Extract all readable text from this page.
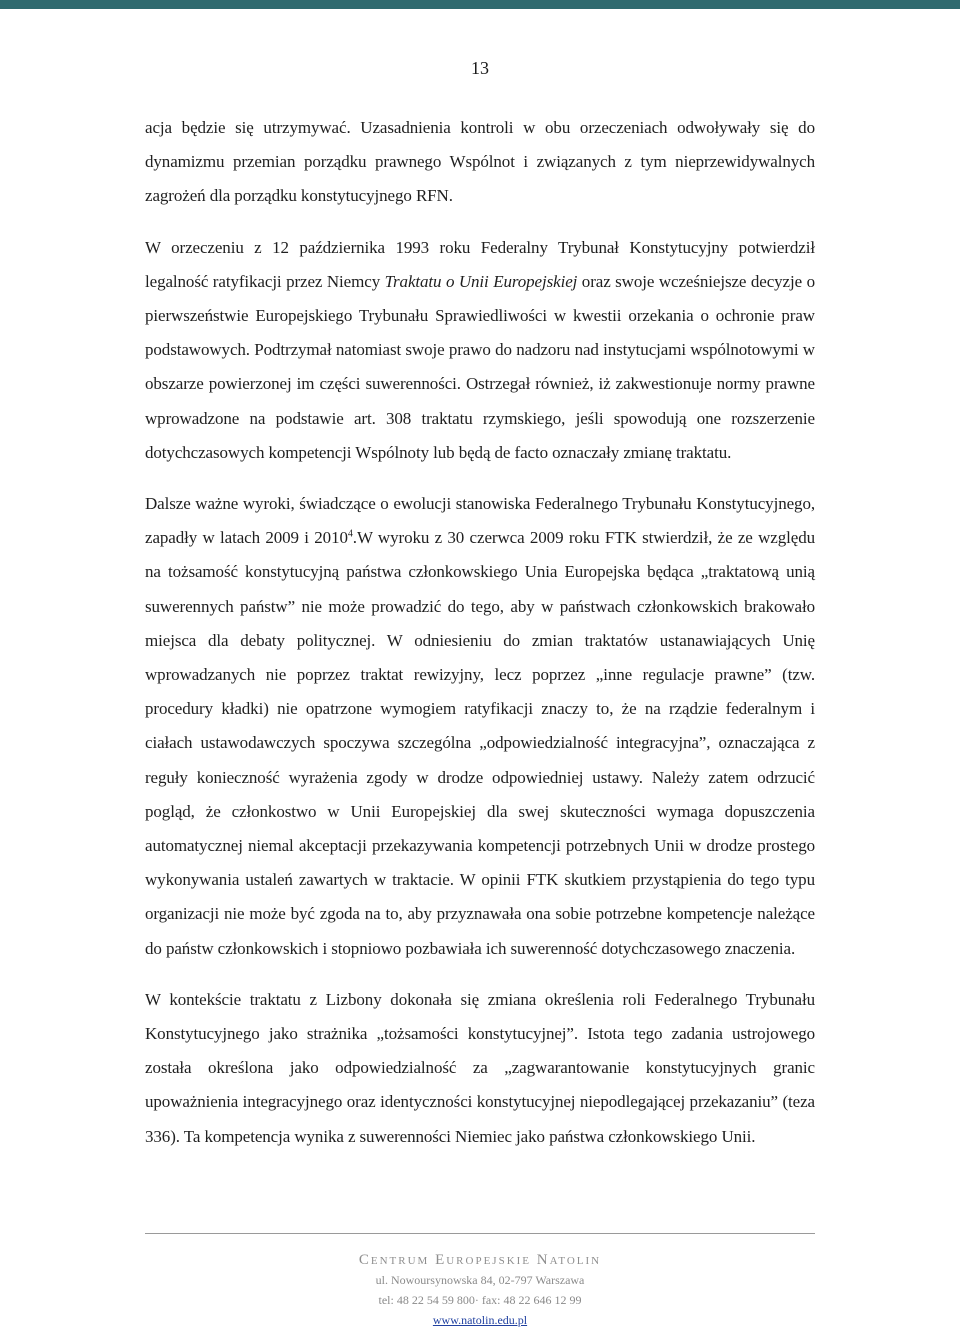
13

acja będzie się utrzymywać. Uzasadnienia kontroli w obu orzeczeniach odwoływały się do dynamizmu przemian porządku prawnego Wspólnot i związanych z tym nieprzewidywalnych zagrożeń dla porządku konstytucyjnego RFN.

W orzeczeniu z 12 października 1993 roku Federalny Trybunał Konstytucyjny potwierdził legalność ratyfikacji przez Niemcy Traktatu o Unii Europejskiej oraz swoje wcześniejsze decyzje o pierwszeństwie Europejskiego Trybunału Sprawiedliwości w kwestii orzekania o ochronie praw podstawowych. Podtrzymał natomiast swoje prawo do nadzoru nad instytucjami wspólnotowymi w obszarze powierzonej im części suwerenności. Ostrzegał również, iż zakwestionuje normy prawne wprowadzone na podstawie art. 308 traktatu rzymskiego, jeśli spowodują one rozszerzenie dotychczasowych kompetencji Wspólnoty lub będą de facto oznaczały zmianę traktatu.

Dalsze ważne wyroki, świadczące o ewolucji stanowiska Federalnego Trybunału Konstytucyjnego, zapadły w latach 2009 i 2010$^4$.W wyroku z 30 czerwca 2009 roku FTK stwierdził, że ze względu na tożsamość konstytucyjną państwa członkowskiego Unia Europejska będąca „traktatową unią suwerennych państw” nie może prowadzić do tego, aby w państwach członkowskich brakowało miejsca dla debaty politycznej. W odniesieniu do zmian traktatów ustanawiających Unię wprowadzanych nie poprzez traktat rewizyjny, lecz poprzez „inne regulacje prawne” (tzw. procedury kładki) nie opatrzone wymogiem ratyfikacji znaczy to, że na rządzie federalnym i ciałach ustawodawczych spoczywa szczególna „odpowiedzialność integracyjna”, oznaczająca z reguły konieczność wyrażenia zgody w drodze odpowiedniej ustawy. Należy zatem odrzucić pogląd, że członkostwo w Unii Europejskiej dla swej skuteczności wymaga dopuszczenia automatycznej niemal akceptacji przekazywania kompetencji potrzebnych Unii w drodze prostego wykonywania ustaleń zawartych w traktacie. W opinii FTK skutkiem przystąpienia do tego typu organizacji nie może być zgoda na to, aby przyznawała ona sobie potrzebne kompetencje należące do państw członkowskich i stopniowo pozbawiała ich suwerenność dotychczasowego znaczenia.

W kontekście traktatu z Lizbony dokonała się zmiana określenia roli Federalnego Trybunału Konstytucyjnego jako strażnika „tożsamości konstytucyjnej”. Istota tego zadania ustrojowego została określona jako odpowiedzialność za „zagwarantowanie konstytucyjnych granic upoważnienia integracyjnego oraz identyczności konstytucyjnej niepodlegającej przekazaniu” (teza 336). Ta kompetencja wynika z suwerenności Niemiec jako państwa członkowskiego Unii.

Centrum Europejskie Natolin
ul. Nowoursynowska 84, 02-797 Warszawa
tel: 48 22 54 59 800· fax: 48 22 646 12 99
www.natolin.edu.pl
